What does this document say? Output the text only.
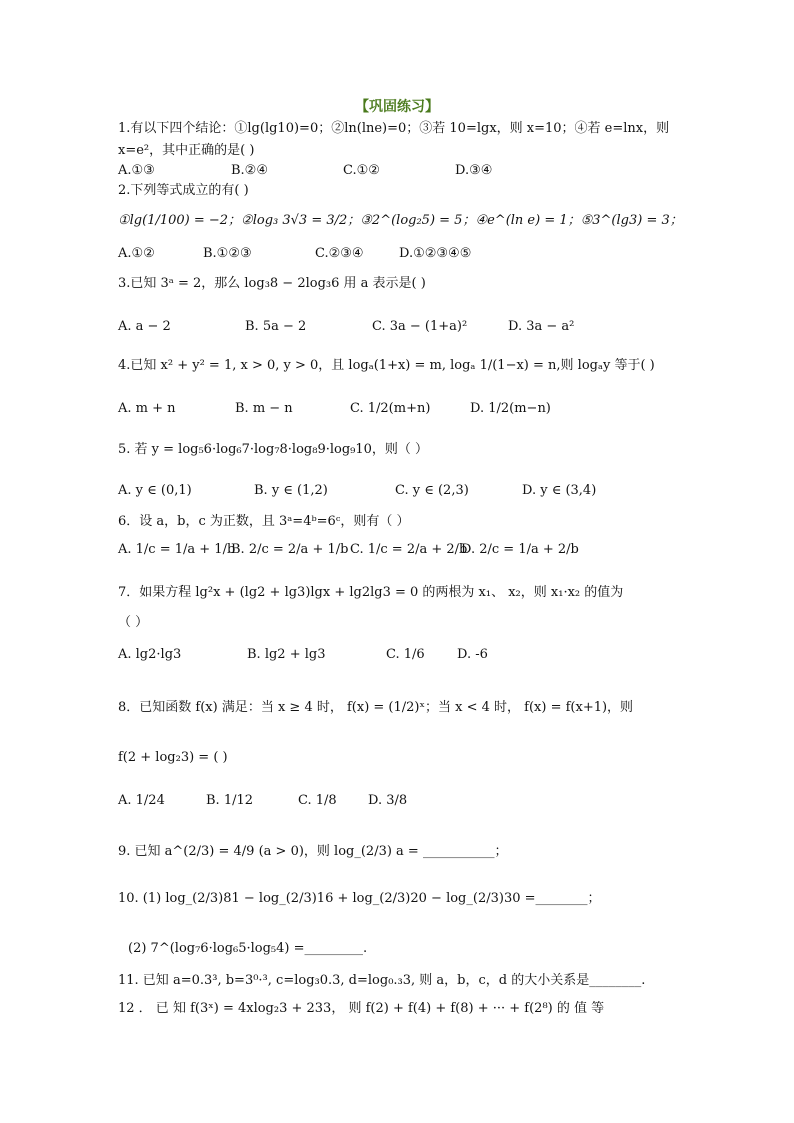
【巩固练习】
1.有以下四个结论：①lg(lg10)=0；②ln(lne)=0；③若 10=lgx，则 x=10；④若 e=lnx，则
x=e²，其中正确的是( )
A.①③	B.②④	C.①②	D.③④
2.下列等式成立的有( )
①lg(1/100) = −2；②log₃ 3√3 = 3/2；③2^(log₂5) = 5；④e^(ln e) = 1；⑤3^(lg3) = 3；
A.①②	B.①②③	C.②③④	D.①②③④⑤
3.已知 3ᵃ = 2，那么 log₃8 − 2log₃6 用 a 表示是( )
A. a − 2	B. 5a − 2	C. 3a − (1+a)²	D. 3a − a²
4.已知 x² + y² = 1, x > 0, y > 0，且 logₐ(1+x) = m, logₐ 1/(1−x) = n,则 logₐy 等于( )
A. m + n	B. m − n	C. 1/2(m+n)	D. 1/2(m−n)
5. 若 y = log₅6·log₆7·log₇8·log₈9·log₉10，则（ ）
A. y ∈ (0,1)	B. y ∈ (1,2)	C. y ∈ (2,3)	D. y ∈ (3,4)
6．设 a，b，c 为正数，且 3ᵃ=4ᵇ=6ᶜ，则有（ ）
A. 1/c = 1/a + 1/b
B. 2/c = 2/a + 1/b C. 1/c = 2/a + 2/b
D. 2/c = 1/a + 2/b
7．如果方程 lg²x + (lg2 + lg3)lgx + lg2lg3 = 0 的两根为 x₁、 x₂，则 x₁·x₂ 的值为
（ ）
A. lg2·lg3	B. lg2 + lg3	C. 1/6 D. -6
8．已知函数 f(x) 满足：当 x ≥ 4 时， f(x) = (1/2)ˣ；当 x < 4 时， f(x) = f(x+1)，则
f(2 + log₂3) = ( )
A. 1/24	B. 1/12	C. 1/8 D. 3/8
9. 已知 a^(2/3) = 4/9 (a > 0)，则 log_(2/3) a = ___________；
10. (1) log_(2/3)81 − log_(2/3)16 + log_(2/3)20 − log_(2/3)30 =________；
(2) 7^(log₇6·log₆5·log₅4) =_________.
11. 已知 a=0.3³, b=3⁰·³, c=log₃0.3, d=log₀.₃3, 则 a，b，c，d 的大小关系是________.
12 ． 已 知 f(3ˣ) = 4xlog₂3 + 233， 则 f(2) + f(4) + f(8) + ··· + f(2⁸) 的 值 等
